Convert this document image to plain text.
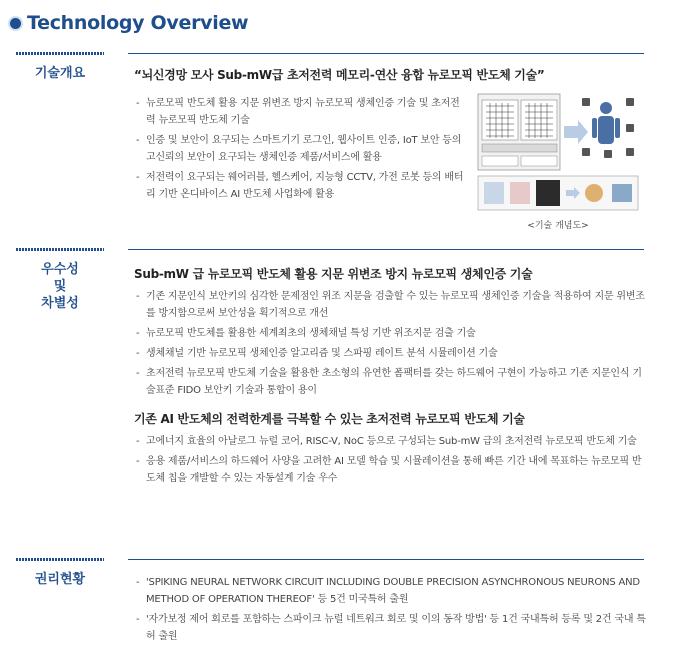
Technology Overview
기술개요	“뇌신경망 모사 Sub-mW급 초저전력 메모리-연산 융합 뉴로모픽 반도체 기술”
- 뉴로모픽 반도체 활용 지문 위변조 방지 뉴로모픽 생체인증 기술 및 초저전력 뉴로모픽 반도체 기술
- 인증 및 보안이 요구되는 스마트기기 로그인, 웹사이트 인증, IoT 보안 등의 고신뢰의 보안이 요구되는 생체인증 제품/서비스에 활용
- 저전력이 요구되는 웨어러블, 헬스케어, 지능형 CCTV, 가전 로봇 등의 배터리 기반 온디바이스 AI 반도체 사업화에 활용
<기술 개념도>
우수성
및
차별성
Sub-mW 급 뉴로모픽 반도체 활용 지문 위변조 방지 뉴로모픽 생체인증 기술
- 기존 지문인식 보안키의 심각한 문제점인 위조 지문을 검출할 수 있는 뉴로모픽 생체인증 기술을 적용하여 지문 위변조를 방지함으로써 보안성을 획기적으로 개선
- 뉴로모픽 반도체를 활용한 세계최초의 생체채널 특성 기반 위조지문 검출 기술
- 생체채널 기반 뉴로모픽 생체인증 알고리즘 및 스파핑 레이트 분석 시뮬레이션 기술
- 초저전력 뉴로모픽 반도체 기술을 활용한 초소형의 유연한 폼팩터를 갖는 하드웨어 구현이 가능하고 기존 지문인식 기술표준 FIDO 보안키 기술과 통합이 용이
기존 AI 반도체의 전력한계를 극복할 수 있는 초저전력 뉴로모픽 반도체 기술
- 고에너지 효율의 아날로그 뉴럴 코어, RISC-V, NoC 등으로 구성되는 Sub-mW 급의 초저전력 뉴로모픽 반도체 기술
- 응용 제품/서비스의 하드웨어 사양을 고려한 AI 모델 학습 및 시뮬레이션을 통해 빠른 기간 내에 목표하는 뉴로모픽 반도체 칩을 개발할 수 있는 자동설계 기술 우수
권리현황
-	'SPIKING NEURAL NETWORK CIRCUIT INCLUDING DOUBLE PRECISION ASYNCHRONOUS NEURONS AND METHOD OF OPERATION THEREOF' 등 5건 미국특허 출원
- '자가보정 제어 회로를 포함하는 스파이크 뉴럴 네트워크 회로 및 이의 동작 방법' 등 1건 국내특허 등록 및 2건 국내 특허 출원
